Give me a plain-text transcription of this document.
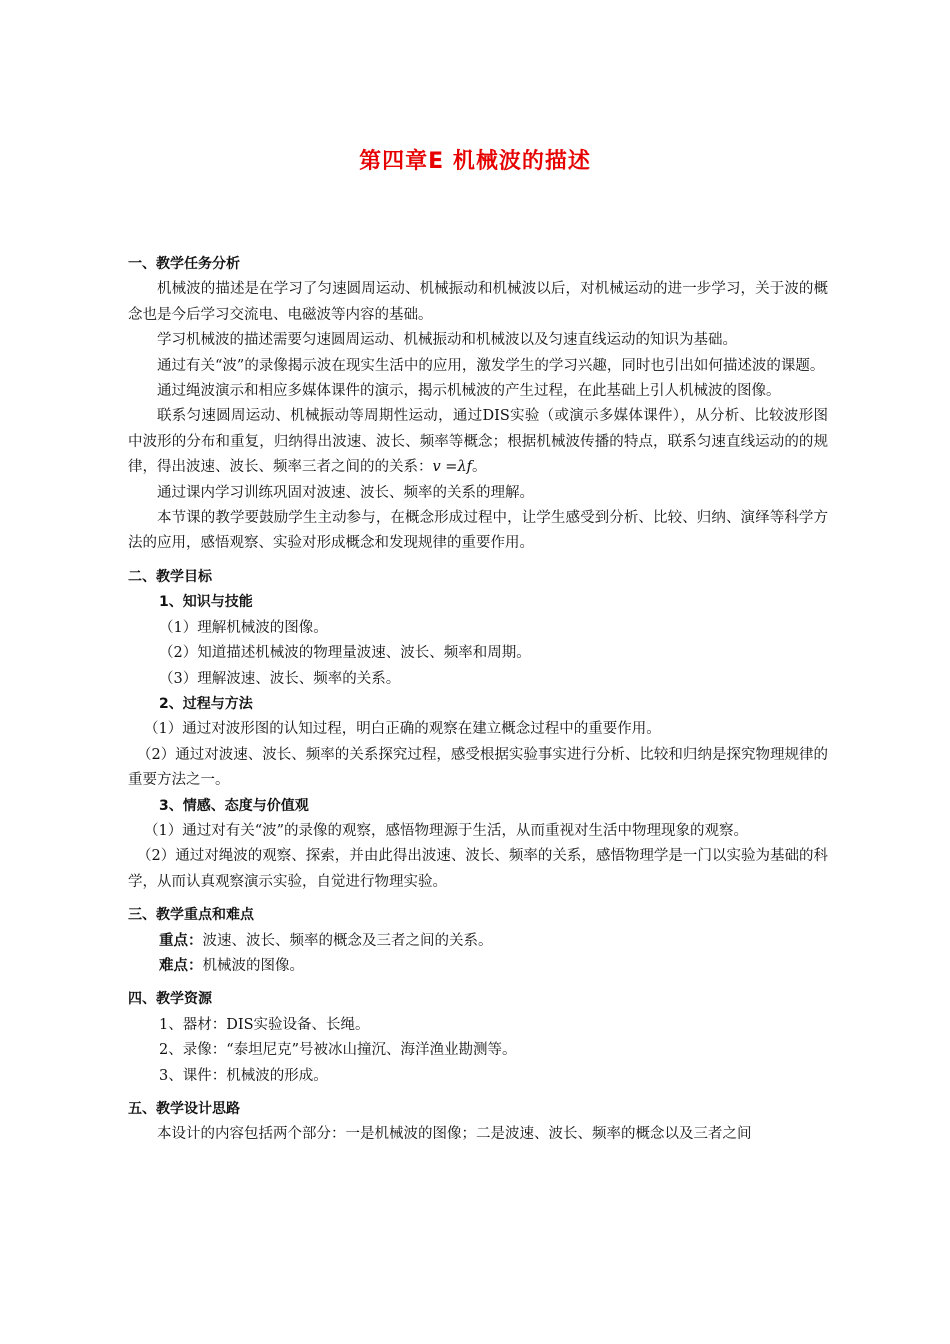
第四章E 机械波的描述

一、教学任务分析

机械波的描述是在学习了匀速圆周运动、机械振动和机械波以后，对机械运动的进一步学习，关于波的概念也是今后学习交流电、电磁波等内容的基础。

学习机械波的描述需要匀速圆周运动、机械振动和机械波以及匀速直线运动的知识为基础。

通过有关“波”的录像揭示波在现实生活中的应用，激发学生的学习兴趣，同时也引出如何描述波的课题。

通过绳波演示和相应多媒体课件的演示，揭示机械波的产生过程，在此基础上引人机械波的图像。

联系匀速圆周运动、机械振动等周期性运动，通过DIS实验（或演示多媒体课件），从分析、比较波形图中波形的分布和重复，归纳得出波速、波长、频率等概念；根据机械波传播的特点，联系匀速直线运动的的规律，得出波速、波长、频率三者之间的的关系：v =λf。

通过课内学习训练巩固对波速、波长、频率的关系的理解。

本节课的教学要鼓励学生主动参与，在概念形成过程中，让学生感受到分析、比较、归纳、演绎等科学方法的应用，感悟观察、实验对形成概念和发现规律的重要作用。

二、教学目标

1、知识与技能

（1）理解机械波的图像。

（2）知道描述机械波的物理量波速、波长、频率和周期。

（3）理解波速、波长、频率的关系。

2、过程与方法

（1）通过对波形图的认知过程，明白正确的观察在建立概念过程中的重要作用。

（2）通过对波速、波长、频率的关系探究过程，感受根据实验事实进行分析、比较和归纳是探究物理规律的重要方法之一。

3、情感、态度与价值观

（1）通过对有关“波”的录像的观察，感悟物理源于生活，从而重视对生活中物理现象的观察。

（2）通过对绳波的观察、探索，并由此得出波速、波长、频率的关系，感悟物理学是一门以实验为基础的科学，从而认真观察演示实验，自觉进行物理实验。

三、教学重点和难点

重点：波速、波长、频率的概念及三者之间的关系。

难点：机械波的图像。

四、教学资源

1、器材：DIS实验设备、长绳。

2、录像：“泰坦尼克”号被冰山撞沉、海洋渔业勘测等。

3、课件：机械波的形成。

五、教学设计思路

本设计的内容包括两个部分：一是机械波的图像；二是波速、波长、频率的概念以及三者之间
